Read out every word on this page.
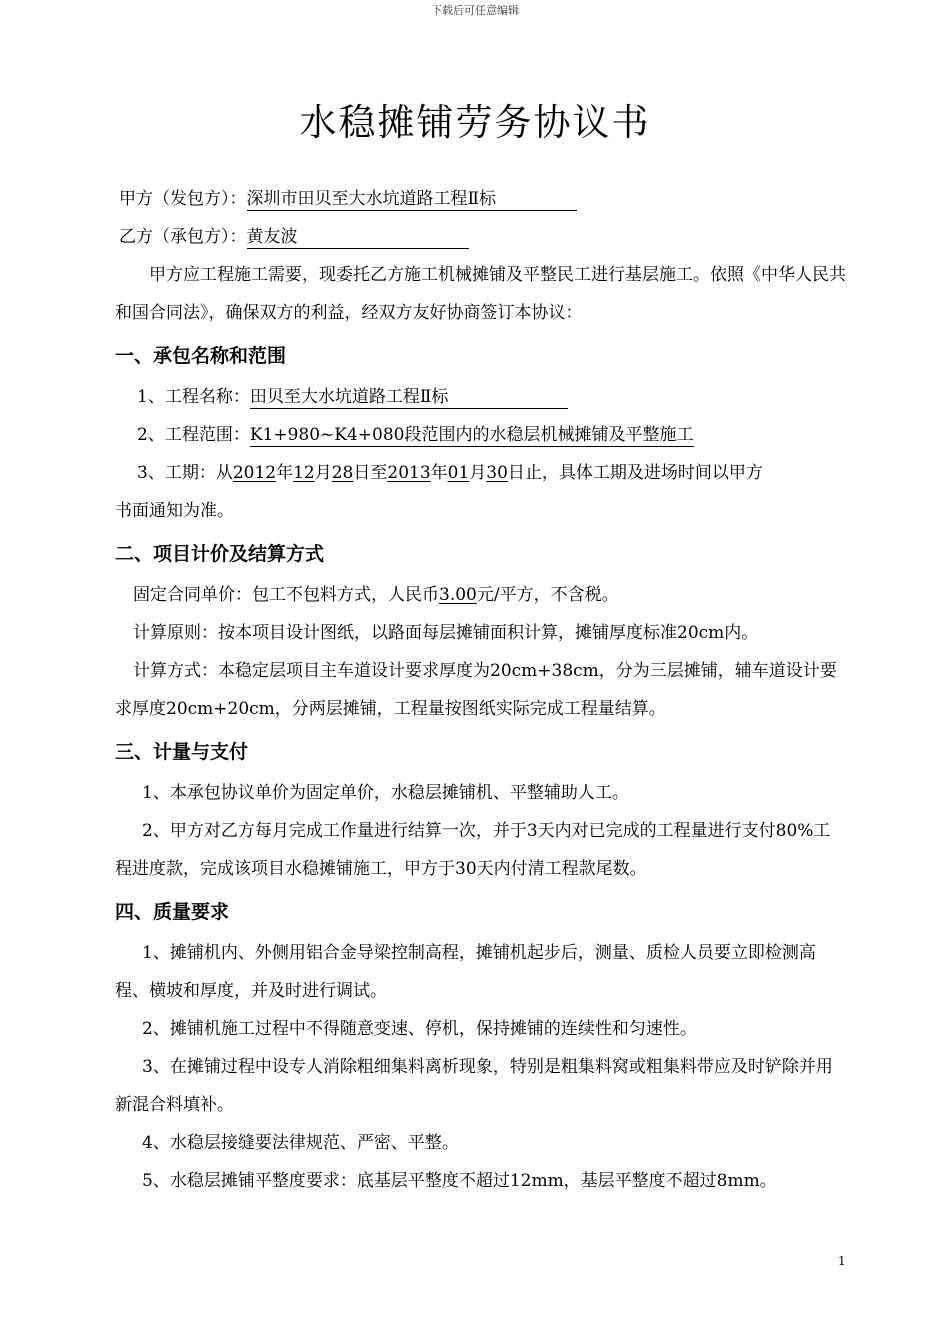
下载后可任意编辑
水稳摊铺劳务协议书
甲方（发包方）：深圳市田贝至大水坑道路工程Ⅱ标
乙方（承包方）：黄友波
甲方应工程施工需要，现委托乙方施工机械摊铺及平整民工进行基层施工。依照《中华人民共和国合同法》，确保双方的利益，经双方友好协商签订本协议：
一、承包名称和范围
1、工程名称：田贝至大水坑道路工程Ⅱ标
2、工程范围：K1+980~K4+080段范围内的水稳层机械摊铺及平整施工
3、工期：从2012年12月28日至2013年01月30日止，具体工期及进场时间以甲方
书面通知为准。
二、项目计价及结算方式
固定合同单价：包工不包料方式，人民币3.00元/平方，不含税。
计算原则：按本项目设计图纸，以路面每层摊铺面积计算，摊铺厚度标准20cm内。
计算方式：本稳定层项目主车道设计要求厚度为20cm+38cm，分为三层摊铺，辅车道设计要求厚度20cm+20cm，分两层摊铺，工程量按图纸实际完成工程量结算。
三、计量与支付
1、本承包协议单价为固定单价，水稳层摊铺机、平整辅助人工。
2、甲方对乙方每月完成工作量进行结算一次，并于3天内对已完成的工程量进行支付80%工程进度款，完成该项目水稳摊铺施工，甲方于30天内付清工程款尾数。
四、质量要求
1、摊铺机内、外侧用铝合金导梁控制高程，摊铺机起步后，测量、质检人员要立即检测高程、横坡和厚度，并及时进行调试。
2、摊铺机施工过程中不得随意变速、停机，保持摊铺的连续性和匀速性。
3、在摊铺过程中设专人消除粗细集料离析现象，特别是粗集料窝或粗集料带应及时铲除并用新混合料填补。
4、水稳层接缝要法律规范、严密、平整。
5、水稳层摊铺平整度要求：底基层平整度不超过12mm，基层平整度不超过8mm。
1
